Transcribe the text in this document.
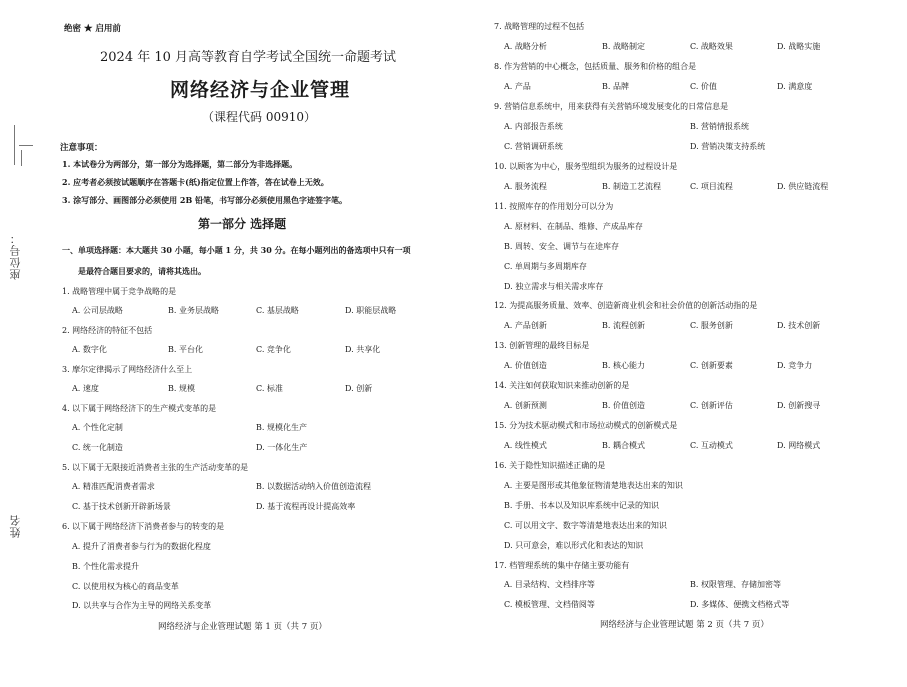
座位号：
姓名
绝密 ★ 启用前
2024 年 10 月高等教育自学考试全国统一命题考试
网络经济与企业管理
（课程代码 00910）
注意事项：
1. 本试卷分为两部分，第一部分为选择题，第二部分为非选择题。
2. 应考者必须按试题顺序在答题卡(纸)指定位置上作答，答在试卷上无效。
3. 涂写部分、画图部分必须使用 2B 铅笔，书写部分必须使用黑色字迹签字笔。
第一部分 选择题
一、单项选择题：本大题共 30 小题，每小题 1 分，共 30 分。在每小题列出的备选项中只有一项
是最符合题目要求的，请将其选出。
1. 战略管理中属于竞争战略的是
A. 公司层战略	B. 业务层战略	C. 基层战略	D. 职能层战略
2. 网络经济的特征不包括
A. 数字化	B. 平台化	C. 竞争化	D. 共享化
3. 摩尔定律揭示了网络经济什么至上
A. 速度	B. 规模	C. 标准	D. 创新
4. 以下属于网络经济下的生产模式变革的是
A. 个性化定制	B. 规模化生产
C. 统一化制造	D. 一体化生产
5. 以下属于无限接近消费者主张的生产活动变革的是
A. 精准匹配消费者需求	B. 以数据活动纳入价值创造流程
C. 基于技术创新开辟新场景	D. 基于流程再设计提高效率
6. 以下属于网络经济下消费者参与的转变的是
A. 提升了消费者参与行为的数据化程度
B. 个性化需求提升
C. 以使用权为核心的商品变革
D. 以共享与合作为主导的网络关系变革
网络经济与企业管理试题 第 1 页（共 7 页）
7. 战略管理的过程不包括
A. 战略分析	B. 战略制定	C. 战略效果	D. 战略实施
8. 作为营销的中心概念，包括质量、服务和价格的组合是
A. 产品	B. 品牌	C. 价值	D. 满意度
9. 营销信息系统中，用来获得有关营销环境发展变化的日常信息是
A. 内部报告系统	B. 营销情报系统
C. 营销调研系统	D. 营销决策支持系统
10. 以顾客为中心，服务型组织为服务的过程设计是
A. 服务流程	B. 制造工艺流程	C. 项目流程	D. 供应链流程
11. 按照库存的作用划分可以分为
A. 原材料、在制品、维修、产成品库存
B. 周转、安全、调节与在途库存
C. 单周期与多周期库存
D. 独立需求与相关需求库存
12. 为提高服务质量、效率、创造新商业机会和社会价值的创新活动指的是
A. 产品创新	B. 流程创新	C. 服务创新	D. 技术创新
13. 创新管理的最终目标是
A. 价值创造	B. 核心能力	C. 创新要素	D. 竞争力
14. 关注如何获取知识来推动创新的是
A. 创新预测	B. 价值创造	C. 创新评估	D. 创新搜寻
15. 分为技术驱动模式和市场拉动模式的创新模式是
A. 线性模式	B. 耦合模式	C. 互动模式	D. 网络模式
16. 关于隐性知识描述正确的是
A. 主要是图形或其他象征物清楚地表达出来的知识
B. 手册、书本以及知识库系统中记录的知识
C. 可以用文字、数字等清楚地表达出来的知识
D. 只可意会，难以形式化和表达的知识
17. 档管理系统的集中存储主要功能有
A. 目录结构、文档排序等	B. 权限管理、存储加密等
C. 模板管理、文档借阅等	D. 多媒体、便携文档格式等
网络经济与企业管理试题 第 2 页（共 7 页）
